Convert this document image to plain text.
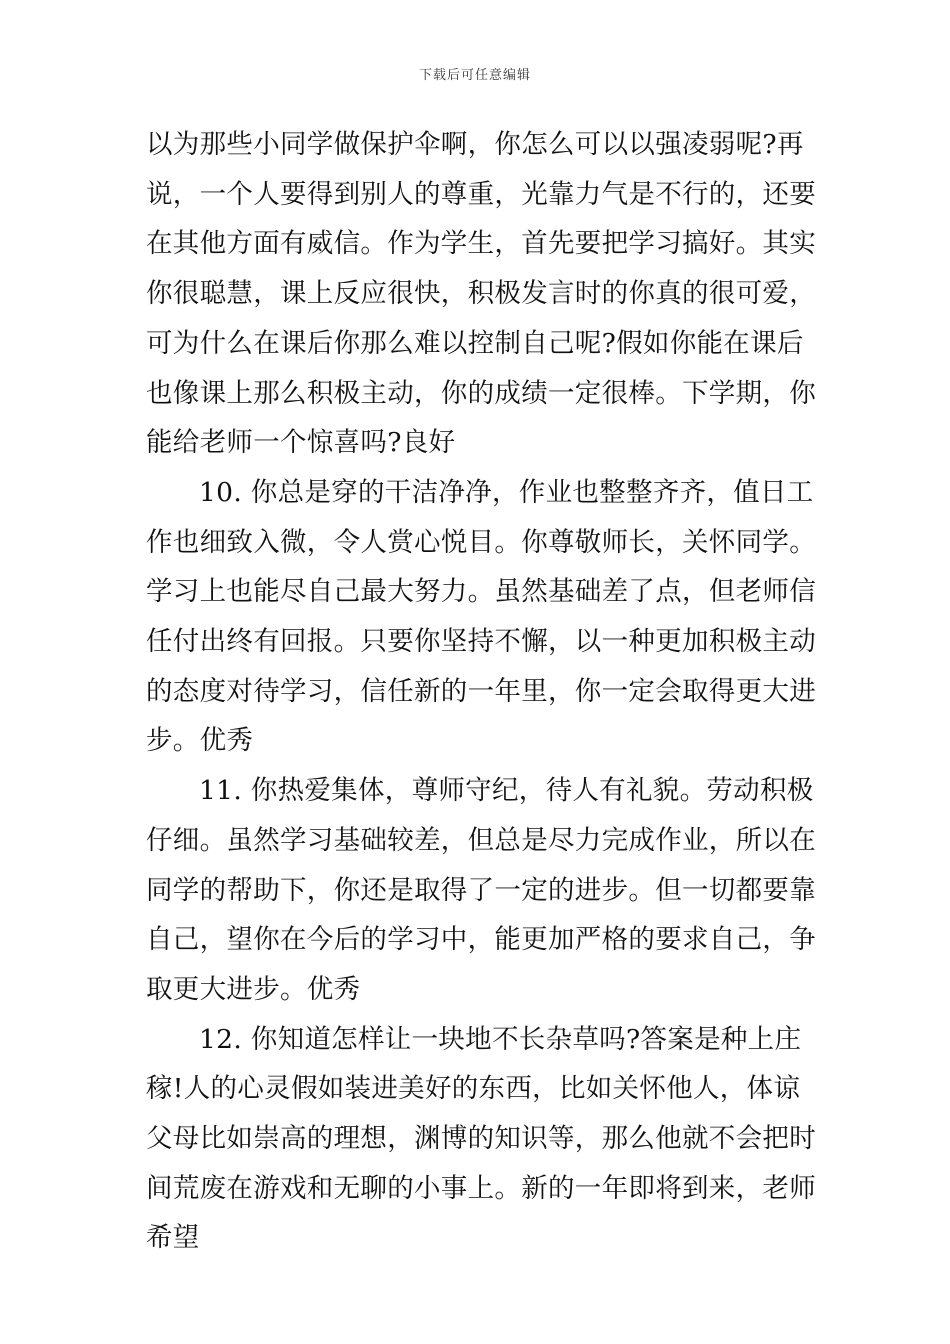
下载后可任意编辑

以为那些小同学做保护伞啊，你怎么可以以强凌弱呢?再说，一个人要得到别人的尊重，光靠力气是不行的，还要在其他方面有威信。作为学生，首先要把学习搞好。其实你很聪慧，课上反应很快，积极发言时的你真的很可爱，可为什么在课后你那么难以控制自己呢?假如你能在课后也像课上那么积极主动，你的成绩一定很棒。下学期，你能给老师一个惊喜吗?良好

10. 你总是穿的干洁净净，作业也整整齐齐，值日工作也细致入微，令人赏心悦目。你尊敬师长，关怀同学。学习上也能尽自己最大努力。虽然基础差了点，但老师信任付出终有回报。只要你坚持不懈，以一种更加积极主动的态度对待学习，信任新的一年里，你一定会取得更大进步。优秀

11. 你热爱集体，尊师守纪，待人有礼貌。劳动积极仔细。虽然学习基础较差，但总是尽力完成作业，所以在同学的帮助下，你还是取得了一定的进步。但一切都要靠自己，望你在今后的学习中，能更加严格的要求自己，争取更大进步。优秀

12. 你知道怎样让一块地不长杂草吗?答案是种上庄稼!人的心灵假如装进美好的东西，比如关怀他人，体谅父母比如崇高的理想，渊博的知识等，那么他就不会把时间荒废在游戏和无聊的小事上。新的一年即将到来，老师希望
